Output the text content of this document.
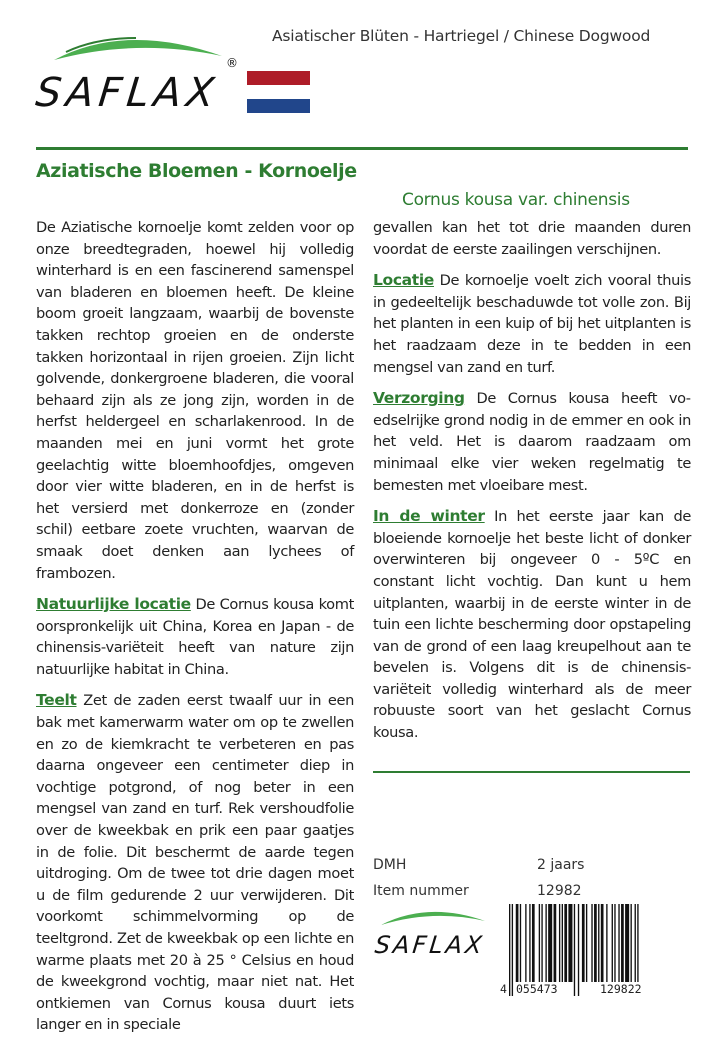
Asiatischer Blüten - Hartriegel / Chinese Dogwood
SAFLAX
®
Aziatische Bloemen - Kornoelje
Cornus kousa var. chinensis

De Aziatische kornoelje komt zelden voor op onze breedtegraden, hoewel hij volledig winterhard is en een fascinerend samenspel van bladeren en bloemen heeft. De kleine boom groeit langzaam, waarbij de bovenste takken rechtop groeien en de onderste takken horizontaal in rijen groeien. Zijn licht golvende, donkergroene bladeren, die vooral behaard zijn als ze jong zijn, worden in de herfst heldergeel en scharlakenrood. In de maanden mei en juni vormt het grote geelachtig witte bloemhoofdjes, omgeven door vier witte bladeren, en in de herfst is het versierd met donkerroze en (zonder schil) eetbare zoete vruchten, waarvan de smaak doet denken aan lychees of frambozen.

Natuurlijke locatie De Cornus kousa komt oorspronkelijk uit China, Korea en Japan - de chinensis-variëteit heeft van nature zijn natuurlijke habitat in China.

Teelt Zet de zaden eerst twaalf uur in een bak met kamerwarm water om op te zwellen en zo de kiemkracht te verbeteren en pas daarna ongeveer een centimeter diep in vochtige potgrond, of nog beter in een mengsel van zand en turf. Rek vershoudfolie over de kweekbak en prik een paar gaatjes in de folie. Dit beschermt de aarde tegen uitdroging. Om de twee tot drie dagen moet u de film gedurende 2 uur verwijderen. Dit voorkomt schimmelvorming op de teeltgrond. Zet de kweekbak op een lichte en warme plaats met 20 à 25 ° Celsius en houd de kweekgrond vochtig, maar niet nat. Het ontkiemen van Cornus kousa duurt iets langer en in speciale

gevallen kan het tot drie maanden duren voordat de eerste zaailingen verschijnen.

Locatie De kornoelje voelt zich vooral thuis in gedeeltelijk beschaduwde tot volle zon. Bij het planten in een kuip of bij het uitplanten is het raadzaam deze in te bedden in een mengsel van zand en turf.

Verzorging De Cornus kousa heeft voedselrijke grond nodig in de emmer en ook in het veld. Het is daarom raadzaam om minimaal elke vier weken regelmatig te bemesten met vloeibare mest.

In de winter In het eerste jaar kan de bloeiende kornoelje het beste licht of donker overwinteren bij ongeveer 0 - 5ºC en constant licht vochtig. Dan kunt u hem uitplanten, waarbij in de eerste winter in de tuin een lichte bescherming door opstapeling van de grond of een laag kreupelhout aan te bevelen is. Volgens dit is de chinensis-variëteit volledig winterhard als de meer robuuste soort van het geslacht Cornus kousa.

DMH	2 jaars
Item nummer	12982
SAFLAX
4 055473	129822
